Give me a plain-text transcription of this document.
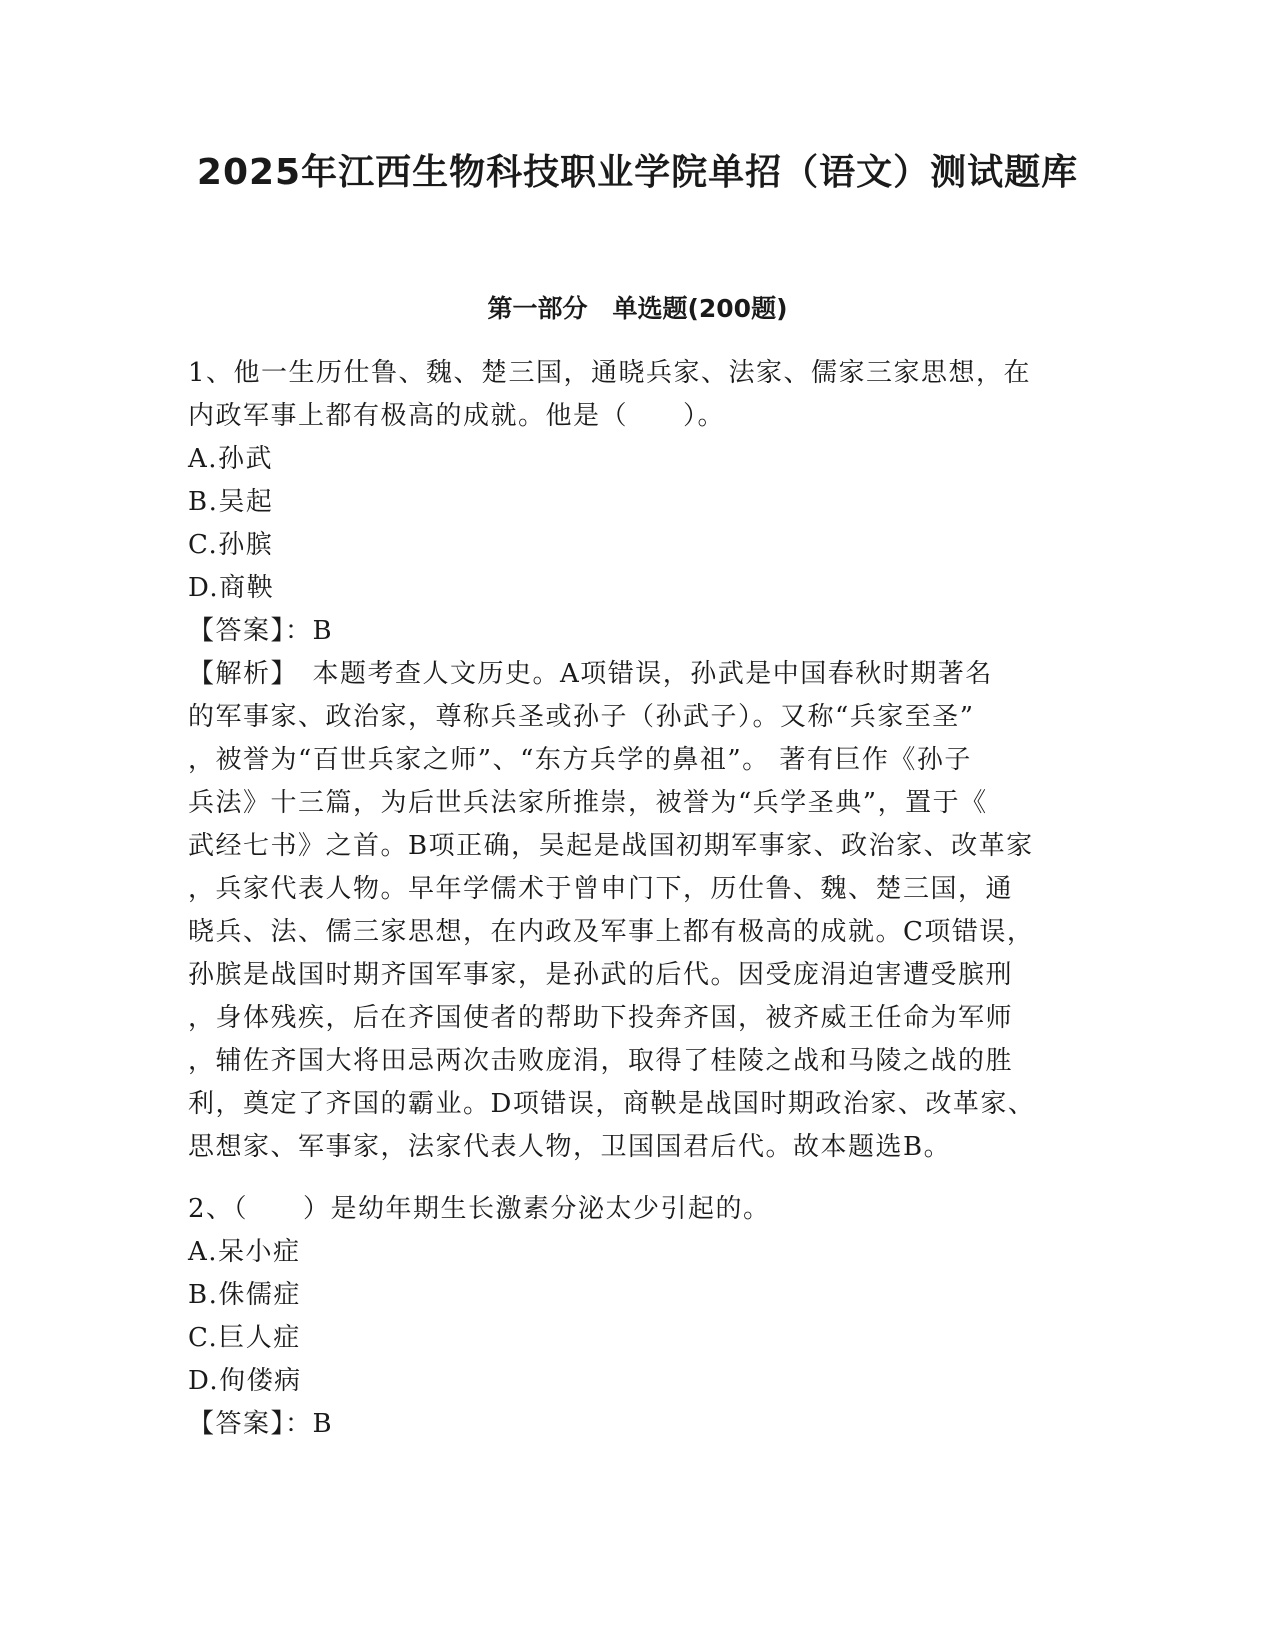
2025年江西生物科技职业学院单招（语文）测试题库
第一部分　单选题(200题)
1、他一生历仕鲁、魏、楚三国，通晓兵家、法家、儒家三家思想，在
内政军事上都有极高的成就。他是（　　）。
A.孙武
B.吴起
C.孙膑
D.商鞅
【答案】：B
【解析】　本题考查人文历史。A项错误，孙武是中国春秋时期著名
的军事家、政治家，尊称兵圣或孙子（孙武子）。又称“兵家至圣”
，被誉为“百世兵家之师”、“东方兵学的鼻祖”。 著有巨作《孙子
兵法》十三篇，为后世兵法家所推崇，被誉为“兵学圣典”，置于《
武经七书》之首。B项正确，吴起是战国初期军事家、政治家、改革家
，兵家代表人物。早年学儒术于曾申门下，历仕鲁、魏、楚三国，通
晓兵、法、儒三家思想，在内政及军事上都有极高的成就。C项错误，
孙膑是战国时期齐国军事家，是孙武的后代。因受庞涓迫害遭受膑刑
，身体残疾，后在齐国使者的帮助下投奔齐国，被齐威王任命为军师
，辅佐齐国大将田忌两次击败庞涓，取得了桂陵之战和马陵之战的胜
利，奠定了齐国的霸业。D项错误，商鞅是战国时期政治家、改革家、
思想家、军事家，法家代表人物，卫国国君后代。故本题选B。
2、（　　）是幼年期生长激素分泌太少引起的。
A.呆小症
B.侏儒症
C.巨人症
D.佝偻病
【答案】：B
